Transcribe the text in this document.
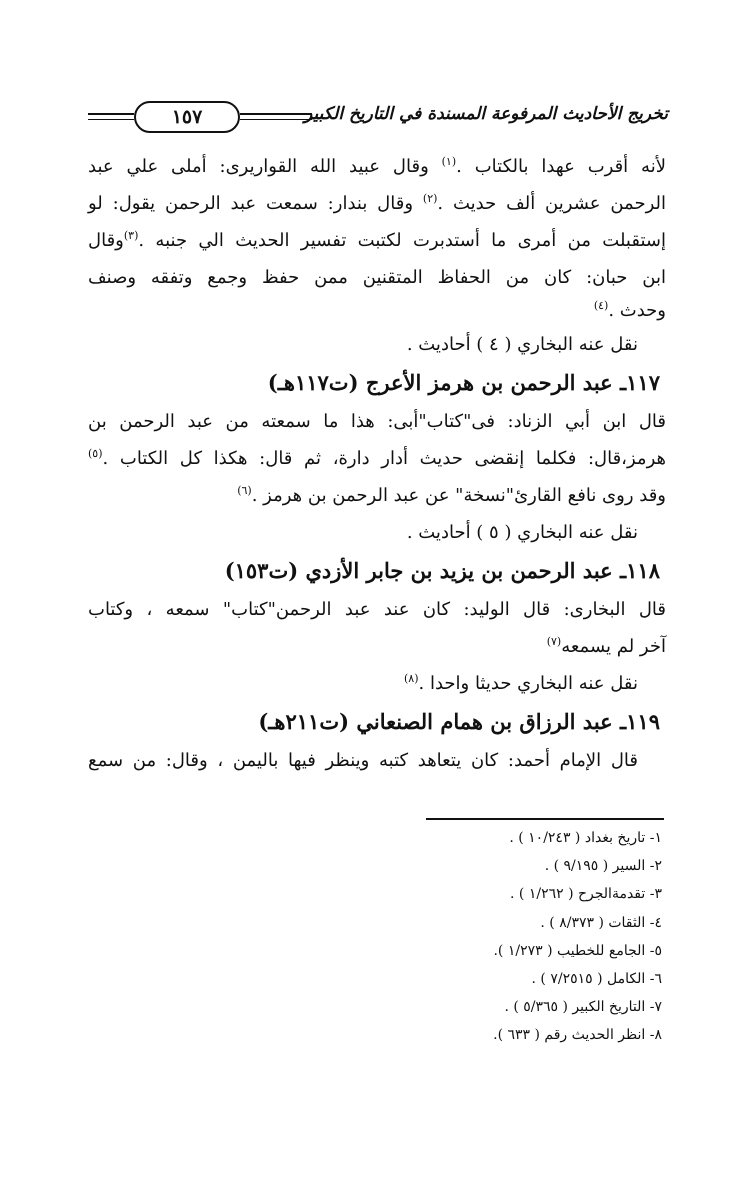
١٥٧	تخريج الأحاديث المرفوعة المسندة في التاريخ الكبير
لأنه أقرب عهدا بالكتاب .$^{(١)}$ وقال عبيد الله القواريرى: أملى علي عبد
الرحمن عشرين ألف حديث .$^{(٢)}$ وقال بندار: سمعت عبد الرحمن يقول: لو
إستقبلت من أمرى ما أستدبرت لكتبت تفسير الحديث الي جنبه .$^{(٣)}$وقال
ابن حبان: كان من الحفاظ المتقنين ممن حفظ وجمع وتفقه وصنف
وحدث .$^{(٤)}$
نقل عنه البخاري ( ٤ ) أحاديث .
١١٧ـ عبد الرحمن بن هرمز الأعرج (ت١١٧هـ)
قال ابن أبي الزناد: فى"كتاب"أبى: هذا ما سمعته من عبد الرحمن بن
هرمز،قال: فكلما إنقضى حديث أدار دارة، ثم قال: هكذا كل الكتاب .$^{(٥)}$
وقد روى نافع القارئ"نسخة" عن عبد الرحمن بن هرمز .$^{(٦)}$
نقل عنه البخاري ( ٥ ) أحاديث .
١١٨ـ عبد الرحمن بن يزيد بن جابر الأزدي (ت١٥٣)
قال البخارى: قال الوليد: كان عند عبد الرحمن"كتاب" سمعه ، وكتاب
آخر لم يسمعه$^{(٧)}$
نقل عنه البخاري حديثا واحدا .$^{(٨)}$
١١٩ـ عبد الرزاق بن همام الصنعاني (ت٢١١هـ)
قال الإمام أحمد: كان يتعاهد كتبه وينظر فيها باليمن ، وقال: من سمع
١- تاريخ بغداد ( ١٠/٢٤٣ ) .
٢- السير ( ٩/١٩٥ ) .
٣- تقدمةالجرح ( ١/٢٦٢ ) .
٤- الثقات ( ٨/٣٧٣ ) .
٥- الجامع للخطيب ( ١/٢٧٣ ).
٦- الكامل ( ٧/٢٥١٥ ) .
٧- التاريخ الكبير ( ٥/٣٦٥ ) .
٨- انظر الحديث رقم ( ٦٣٣ ).
